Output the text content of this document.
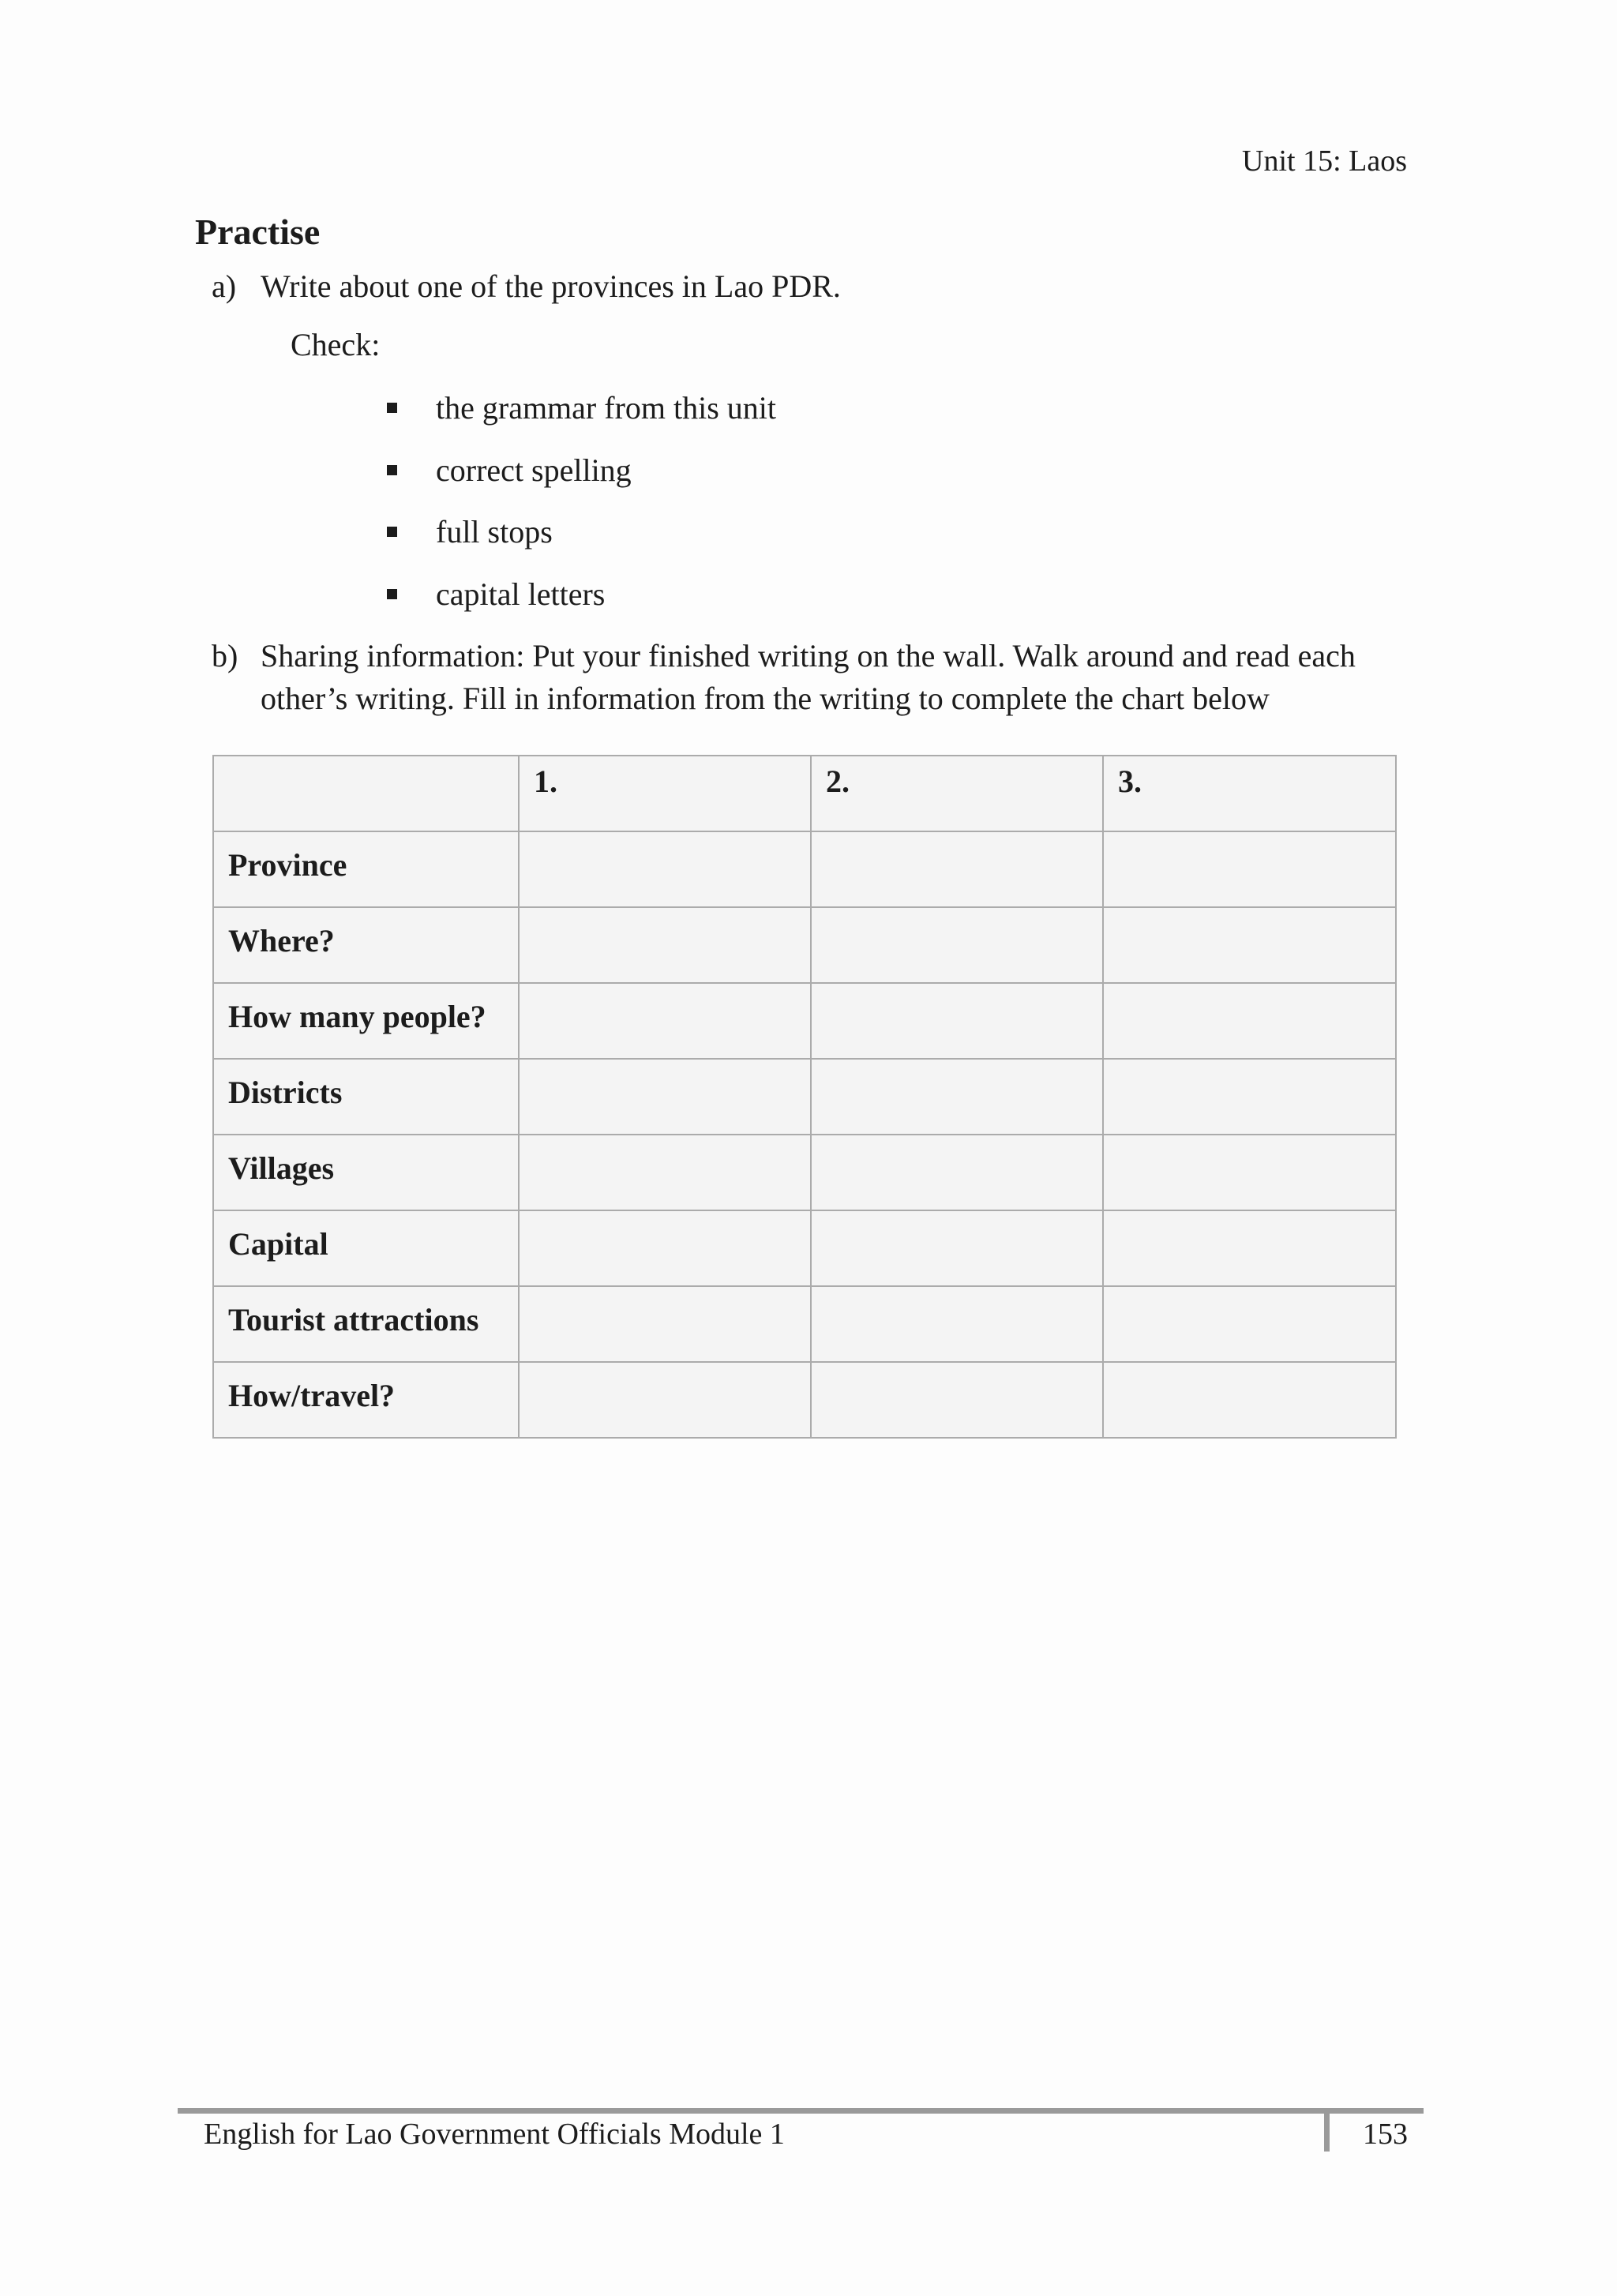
Unit 15: Laos
Practise
a) Write about one of the provinces in Lao PDR.
Check:
the grammar from this unit
correct spelling
full stops
capital letters
b) Sharing information: Put your finished writing on the wall. Walk around and read each
other’s writing. Fill in information from the writing to complete the chart below

	1.	2.	3.

Province			

Where?			

How many people?			

Districts			

Villages			

Capital			

Tourist attractions			

How/travel?			

English for Lao Government Officials Module 1	153
